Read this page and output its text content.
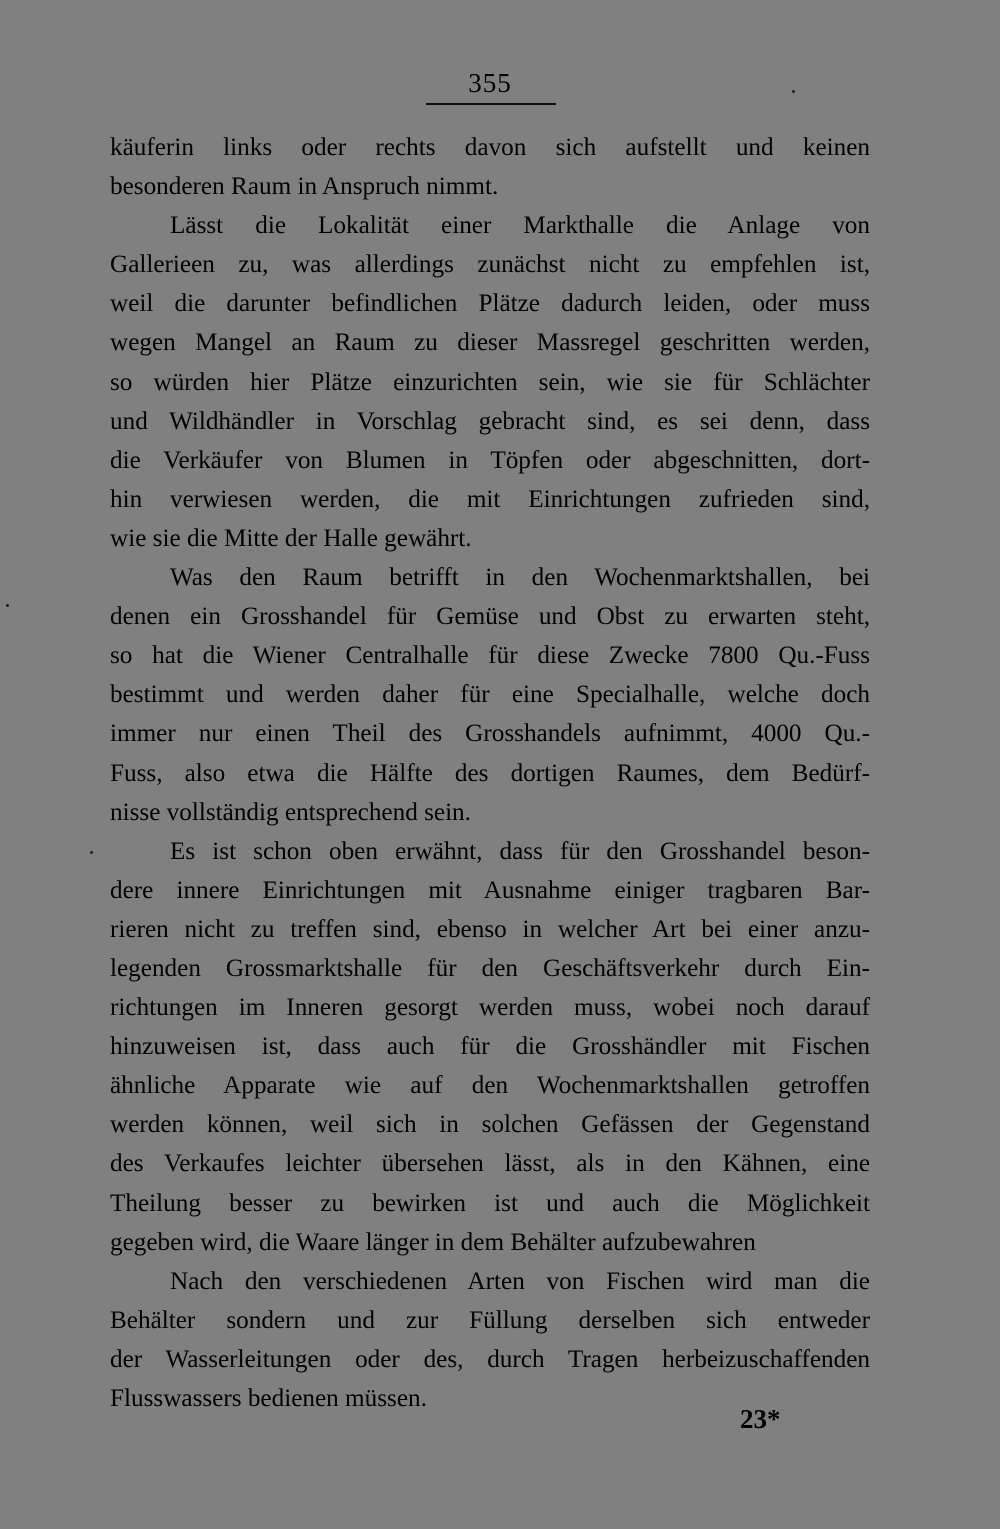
355
käuferin links oder rechts davon sich aufstellt und keinen
besonderen Raum in Anspruch nimmt.
Lässt die Lokalität einer Markthalle die Anlage von
Gallerieen zu, was allerdings zunächst nicht zu empfehlen ist,
weil die darunter befindlichen Plätze dadurch leiden, oder muss
wegen Mangel an Raum zu dieser Massregel geschritten werden,
so würden hier Plätze einzurichten sein, wie sie für Schlächter
und Wildhändler in Vorschlag gebracht sind, es sei denn, dass
die Verkäufer von Blumen in Töpfen oder abgeschnitten, dort-
hin verwiesen werden, die mit Einrichtungen zufrieden sind,
wie sie die Mitte der Halle gewährt.
Was den Raum betrifft in den Wochenmarktshallen, bei
denen ein Grosshandel für Gemüse und Obst zu erwarten steht,
so hat die Wiener Centralhalle für diese Zwecke 7800 Qu.-Fuss
bestimmt und werden daher für eine Specialhalle, welche doch
immer nur einen Theil des Grosshandels aufnimmt, 4000 Qu.-
Fuss, also etwa die Hälfte des dortigen Raumes, dem Bedürf-
nisse vollständig entsprechend sein.
Es ist schon oben erwähnt, dass für den Grosshandel beson-
dere innere Einrichtungen mit Ausnahme einiger tragbaren Bar-
rieren nicht zu treffen sind, ebenso in welcher Art bei einer anzu-
legenden Grossmarktshalle für den Geschäftsverkehr durch Ein-
richtungen im Inneren gesorgt werden muss, wobei noch darauf
hinzuweisen ist, dass auch für die Grosshändler mit Fischen
ähnliche Apparate wie auf den Wochenmarktshallen getroffen
werden können, weil sich in solchen Gefässen der Gegenstand
des Verkaufes leichter übersehen lässt, als in den Kähnen, eine
Theilung besser zu bewirken ist und auch die Möglichkeit
gegeben wird, die Waare länger in dem Behälter aufzubewahren
Nach den verschiedenen Arten von Fischen wird man die
Behälter sondern und zur Füllung derselben sich entweder
der Wasserleitungen oder des, durch Tragen herbeizuschaffenden
Flusswassers bedienen müssen.
23*
